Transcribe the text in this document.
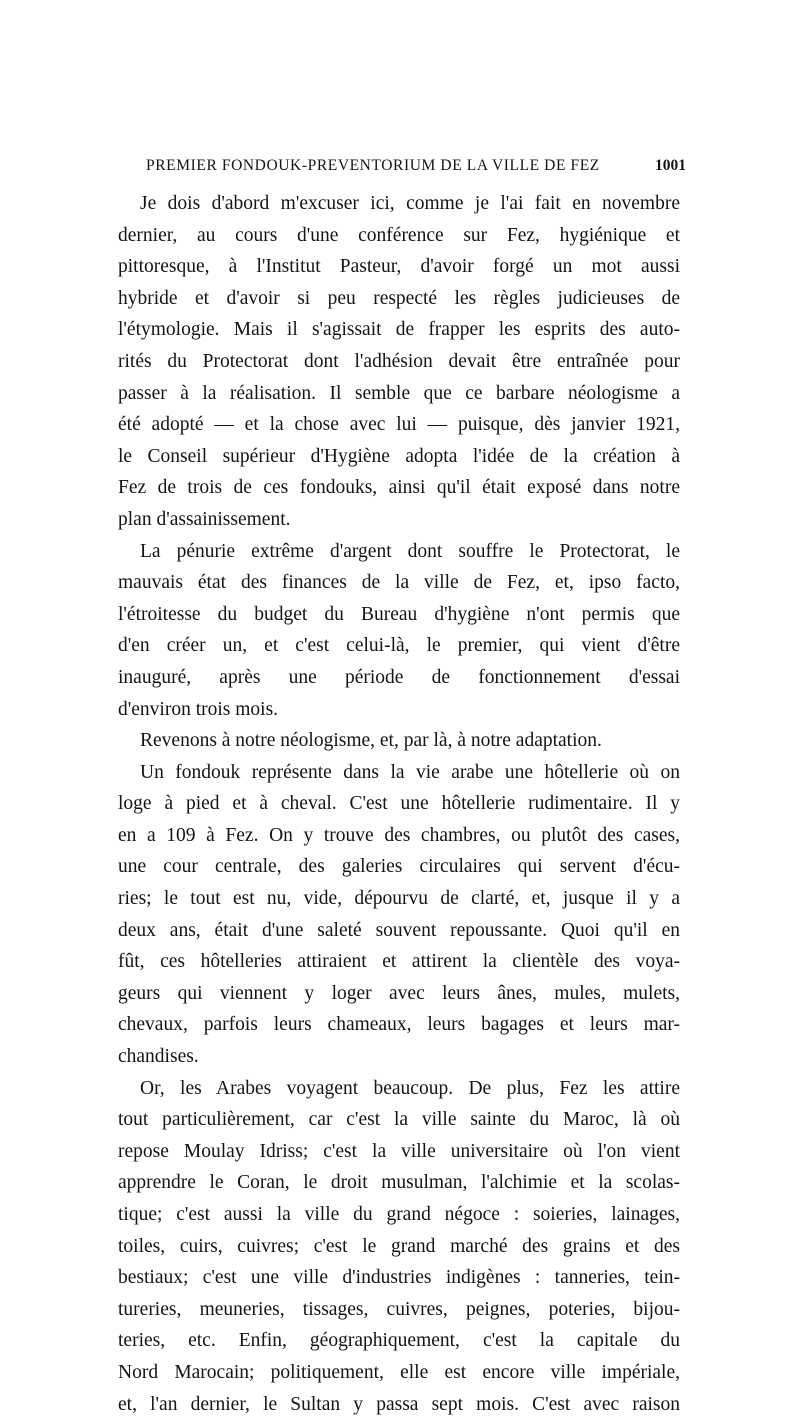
PREMIER FONDOUK-PREVENTORIUM DE LA VILLE DE FEZ	1001
Je dois d'abord m'excuser ici, comme je l'ai fait en novembre
dernier, au cours d'une conférence sur Fez, hygiénique et
pittoresque, à l'Institut Pasteur, d'avoir forgé un mot aussi
hybride et d'avoir si peu respecté les règles judicieuses de
l'étymologie. Mais il s'agissait de frapper les esprits des auto-
rités du Protectorat dont l'adhésion devait être entraînée pour
passer à la réalisation. Il semble que ce barbare néologisme a
été adopté — et la chose avec lui — puisque, dès janvier 1921,
le Conseil supérieur d'Hygiène adopta l'idée de la création à
Fez de trois de ces fondouks, ainsi qu'il était exposé dans notre
plan d'assainissement.
La pénurie extrême d'argent dont souffre le Protectorat, le
mauvais état des finances de la ville de Fez, et, ipso facto,
l'étroitesse du budget du Bureau d'hygiène n'ont permis que
d'en créer un, et c'est celui-là, le premier, qui vient d'être
inauguré, après une période de fonctionnement d'essai
d'environ trois mois.
Revenons à notre néologisme, et, par là, à notre adaptation.
Un fondouk représente dans la vie arabe une hôtellerie où on
loge à pied et à cheval. C'est une hôtellerie rudimentaire. Il y
en a 109 à Fez. On y trouve des chambres, ou plutôt des cases,
une cour centrale, des galeries circulaires qui servent d'écu-
ries; le tout est nu, vide, dépourvu de clarté, et, jusque il y a
deux ans, était d'une saleté souvent repoussante. Quoi qu'il en
fût, ces hôtelleries attiraient et attirent la clientèle des voya-
geurs qui viennent y loger avec leurs ânes, mules, mulets,
chevaux, parfois leurs chameaux, leurs bagages et leurs mar-
chandises.
Or, les Arabes voyagent beaucoup. De plus, Fez les attire
tout particulièrement, car c'est la ville sainte du Maroc, là où
repose Moulay Idriss; c'est la ville universitaire où l'on vient
apprendre le Coran, le droit musulman, l'alchimie et la scolas-
tique; c'est aussi la ville du grand négoce : soieries, lainages,
toiles, cuirs, cuivres; c'est le grand marché des grains et des
bestiaux; c'est une ville d'industries indigènes : tanneries, tein-
tureries, meuneries, tissages, cuivres, peignes, poteries, bijou-
teries, etc. Enfin, géographiquement, c'est la capitale du
Nord Marocain; politiquement, elle est encore ville impériale,
et, l'an dernier, le Sultan y passa sept mois. C'est avec raison
